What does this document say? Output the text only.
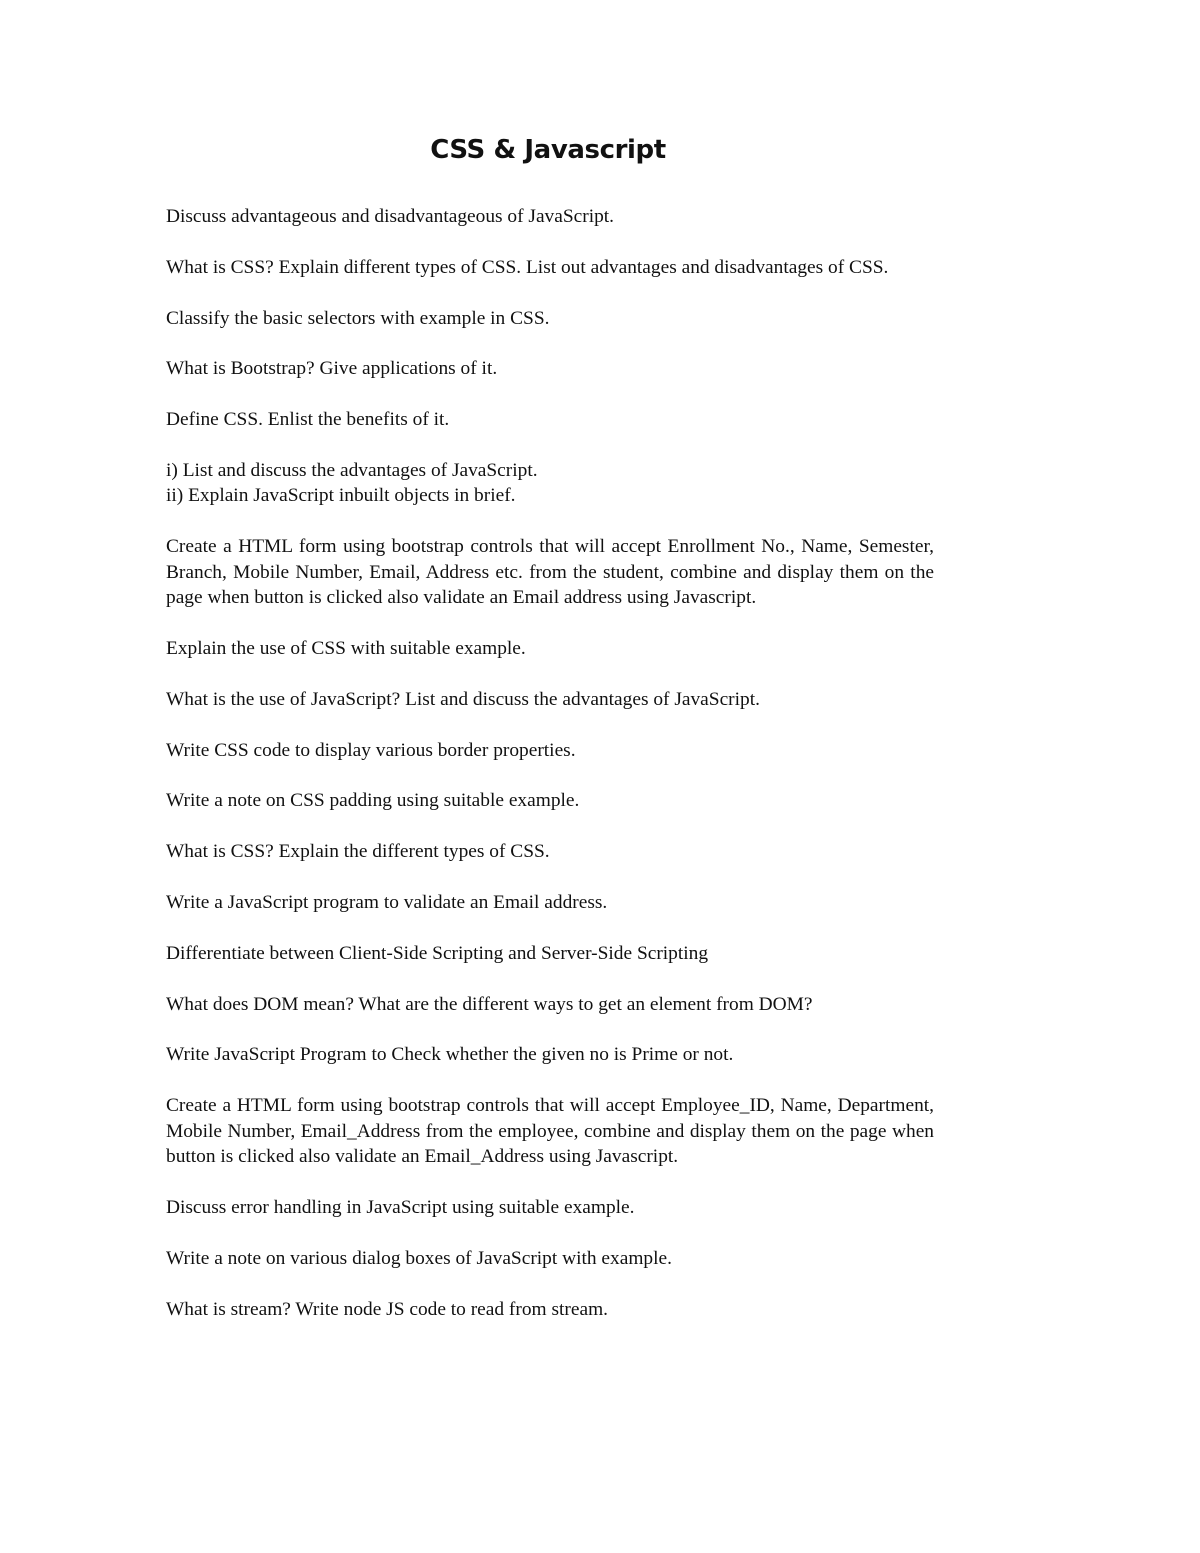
CSS & Javascript

Discuss advantageous and disadvantageous of JavaScript.

What is CSS? Explain different types of CSS. List out advantages and disadvantages of CSS.

Classify the basic selectors with example in CSS.

What is Bootstrap? Give applications of it.

Define CSS. Enlist the benefits of it.

i) List and discuss the advantages of JavaScript.
ii) Explain JavaScript inbuilt objects in brief.

Create a HTML form using bootstrap controls that will accept Enrollment No., Name, Semester, Branch, Mobile Number, Email, Address etc. from the student, combine and display them on the page when button is clicked also validate an Email address using Javascript.

Explain the use of CSS with suitable example.

What is the use of JavaScript? List and discuss the advantages of JavaScript.

Write CSS code to display various border properties.

Write a note on CSS padding using suitable example.

What is CSS? Explain the different types of CSS.

Write a JavaScript program to validate an Email address.

Differentiate between Client-Side Scripting and Server-Side Scripting

What does DOM mean? What are the different ways to get an element from DOM?

Write JavaScript Program to Check whether the given no is Prime or not.

Create a HTML form using bootstrap controls that will accept Employee_ID, Name, Department, Mobile Number, Email_Address from the employee, combine and display them on the page when button is clicked also validate an Email_Address using Javascript.

Discuss error handling in JavaScript using suitable example.

Write a note on various dialog boxes of JavaScript with example.

What is stream? Write node JS code to read from stream.
